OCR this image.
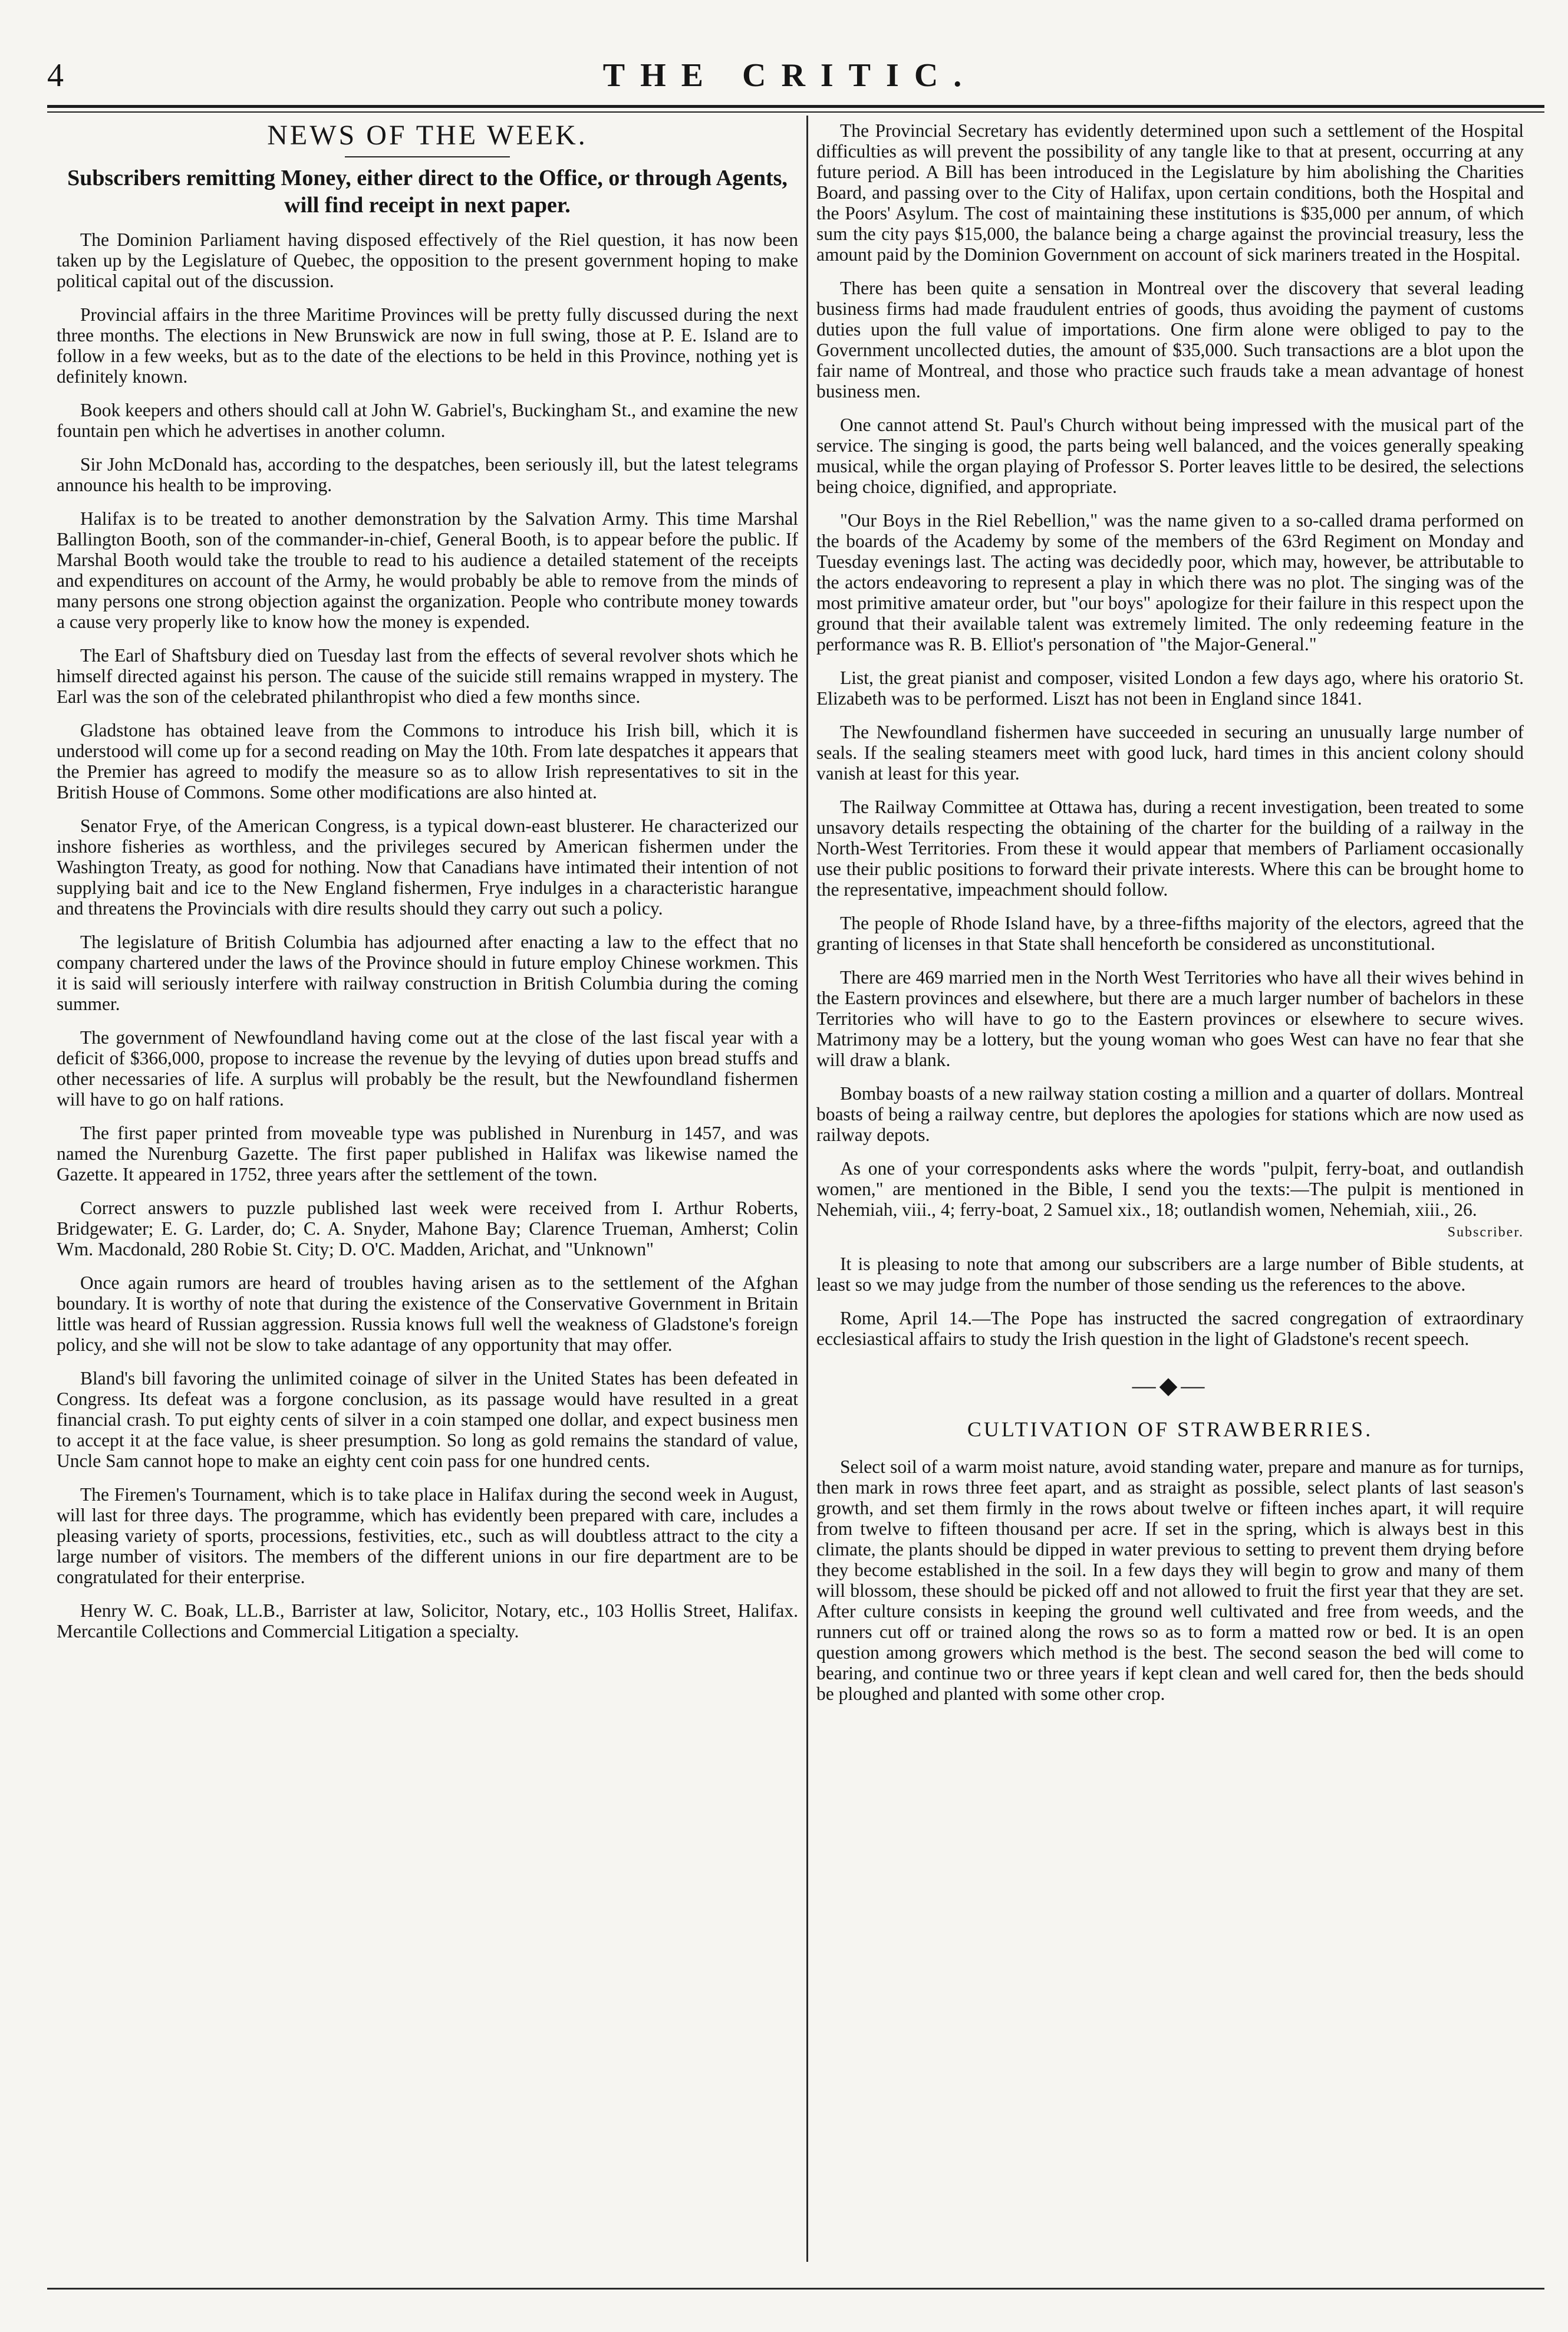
4	THE CRITIC.
NEWS OF THE WEEK.
Subscribers remitting Money, either direct to the Office, or through Agents, will find receipt in next paper.

The Dominion Parliament having disposed effectively of the Riel question, it has now been taken up by the Legislature of Quebec, the opposition to the present government hoping to make political capital out of the discussion.

Provincial affairs in the three Maritime Provinces will be pretty fully discussed during the next three months. The elections in New Brunswick are now in full swing, those at P. E. Island are to follow in a few weeks, but as to the date of the elections to be held in this Province, nothing yet is definitely known.

Book keepers and others should call at John W. Gabriel's, Buckingham St., and examine the new fountain pen which he advertises in another column.

Sir John McDonald has, according to the despatches, been seriously ill, but the latest telegrams announce his health to be improving.

Halifax is to be treated to another demonstration by the Salvation Army. This time Marshal Ballington Booth, son of the commander-in-chief, General Booth, is to appear before the public. If Marshal Booth would take the trouble to read to his audience a detailed statement of the receipts and expenditures on account of the Army, he would probably be able to remove from the minds of many persons one strong objection against the organization. People who contribute money towards a cause very properly like to know how the money is expended.

The Earl of Shaftsbury died on Tuesday last from the effects of several revolver shots which he himself directed against his person. The cause of the suicide still remains wrapped in mystery. The Earl was the son of the celebrated philanthropist who died a few months since.

Gladstone has obtained leave from the Commons to introduce his Irish bill, which it is understood will come up for a second reading on May the 10th. From late despatches it appears that the Premier has agreed to modify the measure so as to allow Irish representatives to sit in the British House of Commons. Some other modifications are also hinted at.

Senator Frye, of the American Congress, is a typical down-east blusterer. He characterized our inshore fisheries as worthless, and the privileges secured by American fishermen under the Washington Treaty, as good for nothing. Now that Canadians have intimated their intention of not supplying bait and ice to the New England fishermen, Frye indulges in a characteristic harangue and threatens the Provincials with dire results should they carry out such a policy.

The legislature of British Columbia has adjourned after enacting a law to the effect that no company chartered under the laws of the Province should in future employ Chinese workmen. This it is said will seriously interfere with railway construction in British Columbia during the coming summer.

The government of Newfoundland having come out at the close of the last fiscal year with a deficit of $366,000, propose to increase the revenue by the levying of duties upon bread stuffs and other necessaries of life. A surplus will probably be the result, but the Newfoundland fishermen will have to go on half rations.

The first paper printed from moveable type was published in Nurenburg in 1457, and was named the Nurenburg Gazette. The first paper published in Halifax was likewise named the Gazette. It appeared in 1752, three years after the settlement of the town.

Correct answers to puzzle published last week were received from I. Arthur Roberts, Bridgewater; E. G. Larder, do; C. A. Snyder, Mahone Bay; Clarence Trueman, Amherst; Colin Wm. Macdonald, 280 Robie St. City; D. O'C. Madden, Arichat, and "Unknown"

Once again rumors are heard of troubles having arisen as to the settlement of the Afghan boundary. It is worthy of note that during the existence of the Conservative Government in Britain little was heard of Russian aggression. Russia knows full well the weakness of Gladstone's foreign policy, and she will not be slow to take adantage of any opportunity that may offer.

Bland's bill favoring the unlimited coinage of silver in the United States has been defeated in Congress. Its defeat was a forgone conclusion, as its passage would have resulted in a great financial crash. To put eighty cents of silver in a coin stamped one dollar, and expect business men to accept it at the face value, is sheer presumption. So long as gold remains the standard of value, Uncle Sam cannot hope to make an eighty cent coin pass for one hundred cents.

The Firemen's Tournament, which is to take place in Halifax during the second week in August, will last for three days. The programme, which has evidently been prepared with care, includes a pleasing variety of sports, processions, festivities, etc., such as will doubtless attract to the city a large number of visitors. The members of the different unions in our fire department are to be congratulated for their enterprise.

Henry W. C. Boak, LL.B., Barrister at law, Solicitor, Notary, etc., 103 Hollis Street, Halifax. Mercantile Collections and Commercial Litigation a specialty.

The Provincial Secretary has evidently determined upon such a settlement of the Hospital difficulties as will prevent the possibility of any tangle like to that at present, occurring at any future period. A Bill has been introduced in the Legislature by him abolishing the Charities Board, and passing over to the City of Halifax, upon certain conditions, both the Hospital and the Poors' Asylum. The cost of maintaining these institutions is $35,000 per annum, of which sum the city pays $15,000, the balance being a charge against the provincial treasury, less the amount paid by the Dominion Government on account of sick mariners treated in the Hospital.

There has been quite a sensation in Montreal over the discovery that several leading business firms had made fraudulent entries of goods, thus avoiding the payment of customs duties upon the full value of importations. One firm alone were obliged to pay to the Government uncollected duties, the amount of $35,000. Such transactions are a blot upon the fair name of Montreal, and those who practice such frauds take a mean advantage of honest business men.

One cannot attend St. Paul's Church without being impressed with the musical part of the service. The singing is good, the parts being well balanced, and the voices generally speaking musical, while the organ playing of Professor S. Porter leaves little to be desired, the selections being choice, dignified, and appropriate.

"Our Boys in the Riel Rebellion," was the name given to a so-called drama performed on the boards of the Academy by some of the members of the 63rd Regiment on Monday and Tuesday evenings last. The acting was decidedly poor, which may, however, be attributable to the actors endeavoring to represent a play in which there was no plot. The singing was of the most primitive amateur order, but "our boys" apologize for their failure in this respect upon the ground that their available talent was extremely limited. The only redeeming feature in the performance was R. B. Elliot's personation of "the Major-General."

List, the great pianist and composer, visited London a few days ago, where his oratorio St. Elizabeth was to be performed. Liszt has not been in England since 1841.

The Newfoundland fishermen have succeeded in securing an unusually large number of seals. If the sealing steamers meet with good luck, hard times in this ancient colony should vanish at least for this year.

The Railway Committee at Ottawa has, during a recent investigation, been treated to some unsavory details respecting the obtaining of the charter for the building of a railway in the North-West Territories. From these it would appear that members of Parliament occasionally use their public positions to forward their private interests. Where this can be brought home to the representative, impeachment should follow.

The people of Rhode Island have, by a three-fifths majority of the electors, agreed that the granting of licenses in that State shall henceforth be considered as unconstitutional.

There are 469 married men in the North West Territories who have all their wives behind in the Eastern provinces and elsewhere, but there are a much larger number of bachelors in these Territories who will have to go to the Eastern provinces or elsewhere to secure wives. Matrimony may be a lottery, but the young woman who goes West can have no fear that she will draw a blank.

Bombay boasts of a new railway station costing a million and a quarter of dollars. Montreal boasts of being a railway centre, but deplores the apologies for stations which are now used as railway depots.

As one of your correspondents asks where the words "pulpit, ferry-boat, and outlandish women," are mentioned in the Bible, I send you the texts:—The pulpit is mentioned in Nehemiah, viii., 4; ferry-boat, 2 Samuel xix., 18; outlandish women, Nehemiah, xiii., 26.

Subscriber.

It is pleasing to note that among our subscribers are a large number of Bible students, at least so we may judge from the number of those sending us the references to the above.

Rome, April 14.—The Pope has instructed the sacred congregation of extraordinary ecclesiastical affairs to study the Irish question in the light of Gladstone's recent speech.

—◆—
CULTIVATION OF STRAWBERRIES.

Select soil of a warm moist nature, avoid standing water, prepare and manure as for turnips, then mark in rows three feet apart, and as straight as possible, select plants of last season's growth, and set them firmly in the rows about twelve or fifteen inches apart, it will require from twelve to fifteen thousand per acre. If set in the spring, which is always best in this climate, the plants should be dipped in water previous to setting to prevent them drying before they become established in the soil. In a few days they will begin to grow and many of them will blossom, these should be picked off and not allowed to fruit the first year that they are set. After culture consists in keeping the ground well cultivated and free from weeds, and the runners cut off or trained along the rows so as to form a matted row or bed. It is an open question among growers which method is the best. The second season the bed will come to bearing, and continue two or three years if kept clean and well cared for, then the beds should be ploughed and planted with some other crop.
